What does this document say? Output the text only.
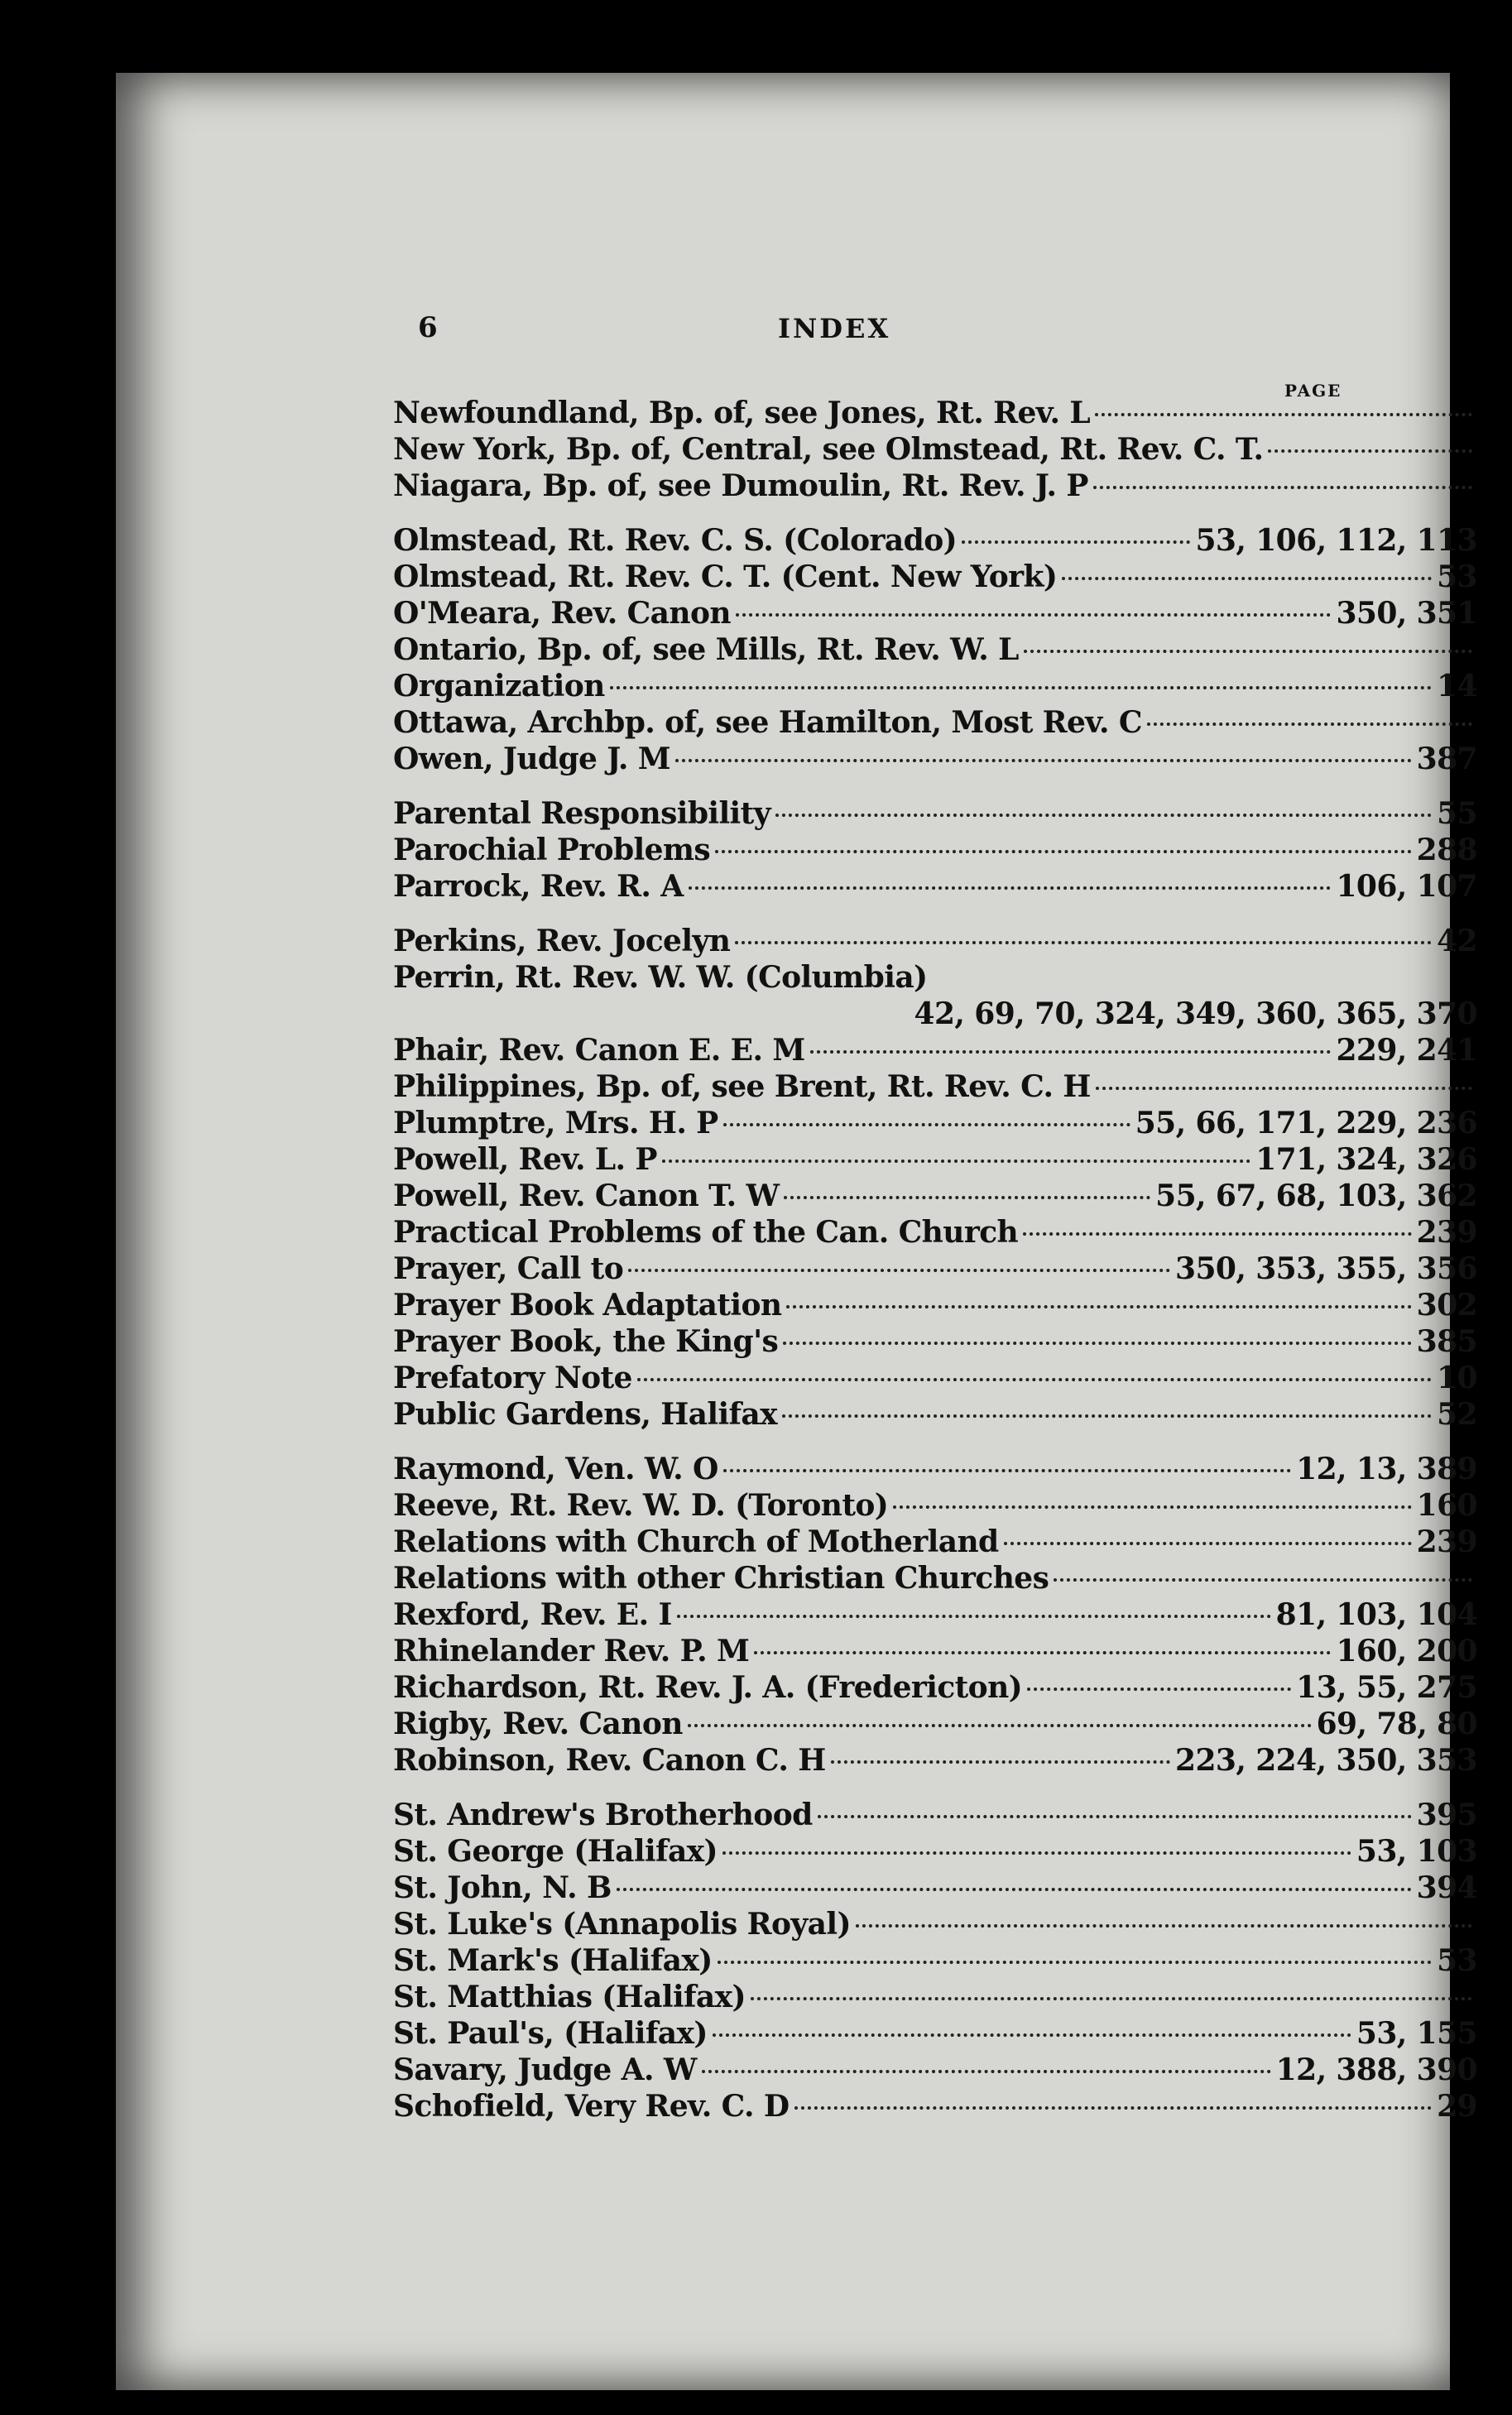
6	INDEX
PAGE
Newfoundland, Bp. of, see Jones, Rt. Rev. L
New York, Bp. of, Central, see Olmstead, Rt. Rev. C. T.
Niagara, Bp. of, see Dumoulin, Rt. Rev. J. P
Olmstead, Rt. Rev. C. S. (Colorado)	53, 106, 112, 113
Olmstead, Rt. Rev. C. T. (Cent. New York)	53
O'Meara, Rev. Canon	350, 351
Ontario, Bp. of, see Mills, Rt. Rev. W. L
Organization	14
Ottawa, Archbp. of, see Hamilton, Most Rev. C
Owen, Judge J. M	387
Parental Responsibility	55
Parochial Problems	288
Parrock, Rev. R. A	106, 107
Perkins, Rev. Jocelyn	42
Perrin, Rt. Rev. W. W. (Columbia)
42, 69, 70, 324, 349, 360, 365, 370
Phair, Rev. Canon E. E. M	229, 241
Philippines, Bp. of, see Brent, Rt. Rev. C. H
Plumptre, Mrs. H. P	55, 66, 171, 229, 236
Powell, Rev. L. P	171, 324, 326
Powell, Rev. Canon T. W	55, 67, 68, 103, 362
Practical Problems of the Can. Church	239
Prayer, Call to	350, 353, 355, 356
Prayer Book Adaptation	302
Prayer Book, the King's	385
Prefatory Note	10
Public Gardens, Halifax	52
Raymond, Ven. W. O	12, 13, 389
Reeve, Rt. Rev. W. D. (Toronto)	160
Relations with Church of Motherland	239
Relations with other Christian Churches
Rexford, Rev. E. I	81, 103, 104
Rhinelander Rev. P. M	160, 200
Richardson, Rt. Rev. J. A. (Fredericton)	13, 55, 275
Rigby, Rev. Canon	69, 78, 80
Robinson, Rev. Canon C. H	223, 224, 350, 353
St. Andrew's Brotherhood	395
St. George (Halifax)	53, 103
St. John, N. B	394
St. Luke's (Annapolis Royal)
St. Mark's (Halifax)	53
St. Matthias (Halifax)
St. Paul's, (Halifax)	53, 155
Savary, Judge A. W	12, 388, 390
Schofield, Very Rev. C. D	29
